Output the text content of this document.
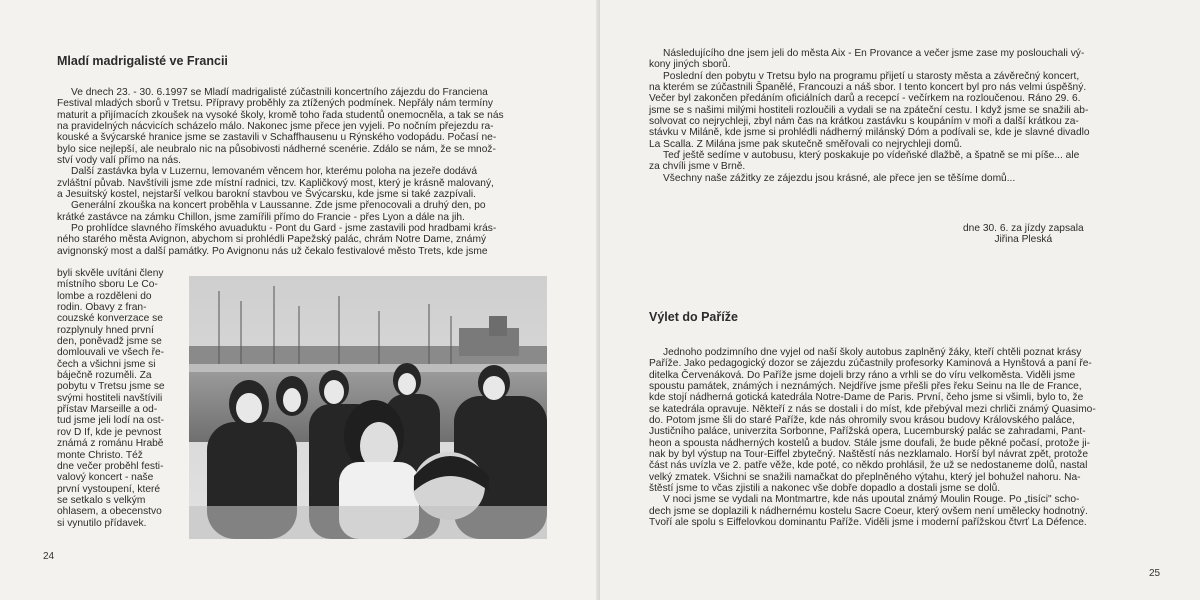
Mladí madrigalisté ve Francii
Ve dnech 23. - 30. 6.1997 se Mladí madrigalisté zúčastnili koncertního zájezdu do Franciena
Festival mladých sborů v Tretsu. Přípravy proběhly za ztížených podmínek. Nepřály nám termíny
maturit a přijímacích zkoušek na vysoké školy, kromě toho řada studentů onemocněla, a tak se nás
na pravidelných nácvicích scházelo málo. Nakonec jsme přece jen vyjeli. Po nočním přejezdu ra-
kouské a švýcarské hranice jsme se zastavili v Schaffhausenu u Rýnského vodopádu. Počasí ne-
bylo sice nejlepší, ale neubralo nic na působivosti nádherné scenérie. Zdálo se nám, že se množ-
ství vody valí přímo na nás.
Další zastávka byla v Luzernu, lemovaném věncem hor, kterému poloha na jezeře dodává
zvláštní půvab. Navštívili jsme zde místní radnici, tzv. Kapličkový most, který je krásně malovaný,
a Jesuitský kostel, nejstarší velkou barokní stavbou ve Švýcarsku, kde jsme si také zazpívali.
Generální zkouška na koncert proběhla v Laussanne. Zde jsme přenocovali a druhý den, po
krátké zastávce na zámku Chillon, jsme zamířili přímo do Francie - přes Lyon a dále na jih.
Po prohlídce slavného římského avuaduktu - Pont du Gard - jsme zastavili pod hradbami krás-
ného starého města Avignon, abychom si prohlédli Papežský palác, chrám Notre Dame, známý
avignonský most a další památky. Po Avignonu nás už čekalo festivalové město Trets, kde jsme
byli skvěle uvítáni členy
místního sboru Le Co-
lombe a rozděleni do
rodin. Obavy z fran-
couzské konverzace se
rozplynuly hned první
den, poněvadž jsme se
domlouvali ve všech ře-
čech a všichni jsme si
báječně rozuměli. Za
pobytu v Tretsu jsme se
svými hostiteli navštívili
přístav Marseille a od-
tud jsme jeli lodí na ost-
rov D If, kde je pevnost
známá z románu Hrabě
monte Christo. Též
dne večer proběhl festi-
valový koncert - naše
první vystoupení, které
se setkalo s velkým
ohlasem, a obecenstvo
si vynutilo přídavek.
24
Následujícího dne jsem jeli do města Aix - En Provance a večer jsme zase my poslouchali vý-
kony jiných sborů.
Poslední den pobytu v Tretsu bylo na programu přijetí u starosty města a závěrečný koncert,
na kterém se zúčastnili Španělé, Francouzi a náš sbor. I tento koncert byl pro nás velmi úspěšný.
Večer byl zakončen předáním oficiálních darů a recepcí - večírkem na rozloučenou. Ráno 29. 6.
jsme se s našimi milými hostiteli rozloučili a vydali se na zpáteční cestu. I když jsme se snažili ab-
solvovat co nejrychleji, zbyl nám čas na krátkou zastávku s koupáním v moři a další krátkou za-
stávku v Miláně, kde jsme si prohlédli nádherný milánský Dóm a podívali se, kde je slavné divadlo
La Scalla. Z Milána jsme pak skutečně směřovali co nejrychleji domů.
Teď ještě sedíme v autobusu, který poskakuje po vídeňské dlažbě, a špatně se mi píše... ale
za chvíli jsme v Brně.
Všechny naše zážitky ze zájezdu jsou krásné, ale přece jen se těšíme domů...
dne 30. 6. za jízdy zapsala
Jiřina Pleská
Výlet do Paříže
Jednoho podzimního dne vyjel od naší školy autobus zaplněný žáky, kteří chtěli poznat krásy
Paříže. Jako pedagogický dozor se zájezdu zúčastnily profesorky Kaminová a Hynštová a paní ře-
ditelka Červenáková. Do Paříže jsme dojeli brzy ráno a vrhli se do víru velkoměsta. Viděli jsme
spoustu památek, známých i neznámých. Nejdříve jsme přešli přes řeku Seinu na Ile de France,
kde stojí nádherná gotická katedrála Notre-Dame de Paris. První, čeho jsme si všimli, bylo to, že
se katedrála opravuje. Někteří z nás se dostali i do míst, kde přebýval mezi chrliči známý Quasimo-
do. Potom jsme šli do staré Paříže, kde nás ohromily svou krásou budovy Královského paláce,
Justičního paláce, univerzita Sorbonne, Pařížská opera, Lucemburský palác se zahradami, Pant-
heon a spousta nádherných kostelů a budov. Stále jsme doufali, že bude pěkné počasí, protože ji-
nak by byl výstup na Tour-Eiffel zbytečný. Naštěstí nás nezklamalo. Horší byl návrat zpět, protože
část nás uvízla ve 2. patře věže, kde poté, co někdo prohlásil, že už se nedostaneme dolů, nastal
velký zmatek. Všichni se snažili namačkat do přeplněného výtahu, který jel bohužel nahoru. Na-
štěstí jsme to včas zjistili a nakonec vše dobře dopadlo a dostali jsme se dolů.
V noci jsme se vydali na Montmartre, kde nás upoutal známý Moulin Rouge. Po „tisíci" scho-
dech jsme se doplazili k nádhernému kostelu Sacre Coeur, který ovšem není umělecky hodnotný.
Tvoří ale spolu s Eiffelovkou dominantu Paříže. Viděli jsme i moderní pařížskou čtvrť La Défence.
25
